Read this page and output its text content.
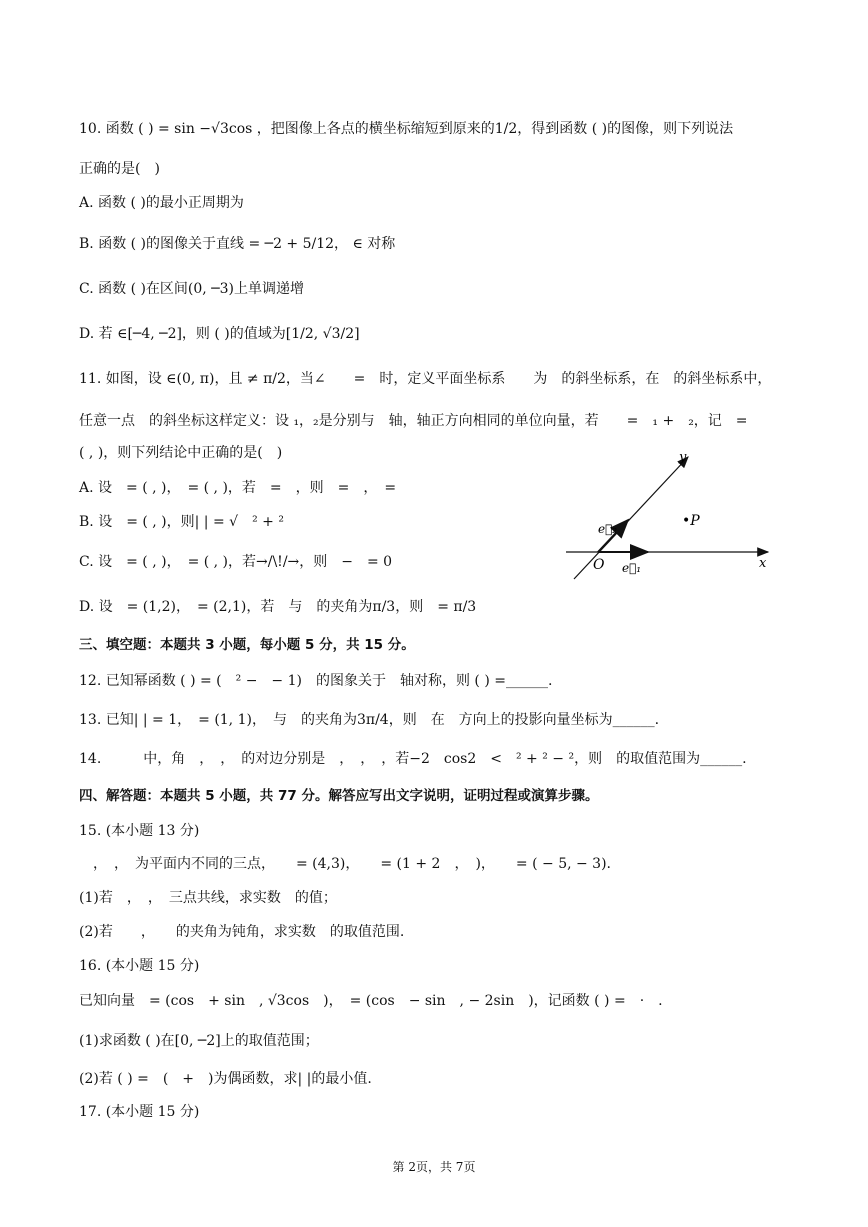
10. 函数 ( ) = sin −√3cos ，把图像上各点的横坐标缩短到原来的1/2，得到函数 ( )的图像，则下列说法
正确的是(　)
A. 函数 ( )的最小正周期为
B. 函数 ( )的图像关于直线 = ─2 + 5/12， ∈ 对称
C. 函数 ( )在区间(0, ─3)上单调递增
D. 若 ∈[─4, ─2]，则 ( )的值域为[1/2, √3/2]
11. 如图，设 ∈(0, π)，且 ≠ π/2，当∠　　=　时，定义平面坐标系　　为　的斜坐标系，在　的斜坐标系中，
任意一点　的斜坐标这样定义：设 ₁，₂是分别与　轴，轴正方向相同的单位向量，若　　=　₁ +　₂，记　=
( , )，则下列结论中正确的是(　)
A. 设　= ( , )，　= ( , )，若　=　，则　=　，　=
B. 设　= ( , )，则| | = √　² + ²
C. 设　= ( , )，　= ( , )，若→/\!/→，则　−　= 0
D. 设　= (1,2)，　= (2,1)，若　与　的夹角为π/3，则　= π/3
三、填空题：本题共 3 小题，每小题 5 分，共 15 分。
12. 已知幂函数 ( ) = (　² −　− 1)　的图象关于　轴对称，则 ( ) =______.
13. 已知| | = 1，　= (1, 1)，　与　的夹角为3π/4，则　在　方向上的投影向量坐标为______.
14.　　　中，角　，　，　的对边分别是　，　，　，若−2　cos2　<　² + ² − ²，则　的取值范围为______.
四、解答题：本题共 5 小题，共 77 分。解答应写出文字说明，证明过程或演算步骤。
15. (本小题 13 分)
　，　，　为平面内不同的三点，　　= (4,3)，　　= (1 + 2　，　)，　　= ( − 5, − 3).
(1)若　，　，　三点共线，求实数　的值；
(2)若　　，　　的夹角为钝角，求实数　的取值范围.
16. (本小题 15 分)
已知向量　= (cos　+ sin　, √3cos　)，　= (cos　− sin　, − 2sin　)，记函数 ( ) =　·　.
(1)求函数 ( )在[0, ─2]上的取值范围；
(2)若 ( ) =　(　+　)为偶函数，求| |的最小值.
17. (本小题 15 分)
y
x
O
•P
e⃗₁
e⃗₂
第 2页，共 7页
